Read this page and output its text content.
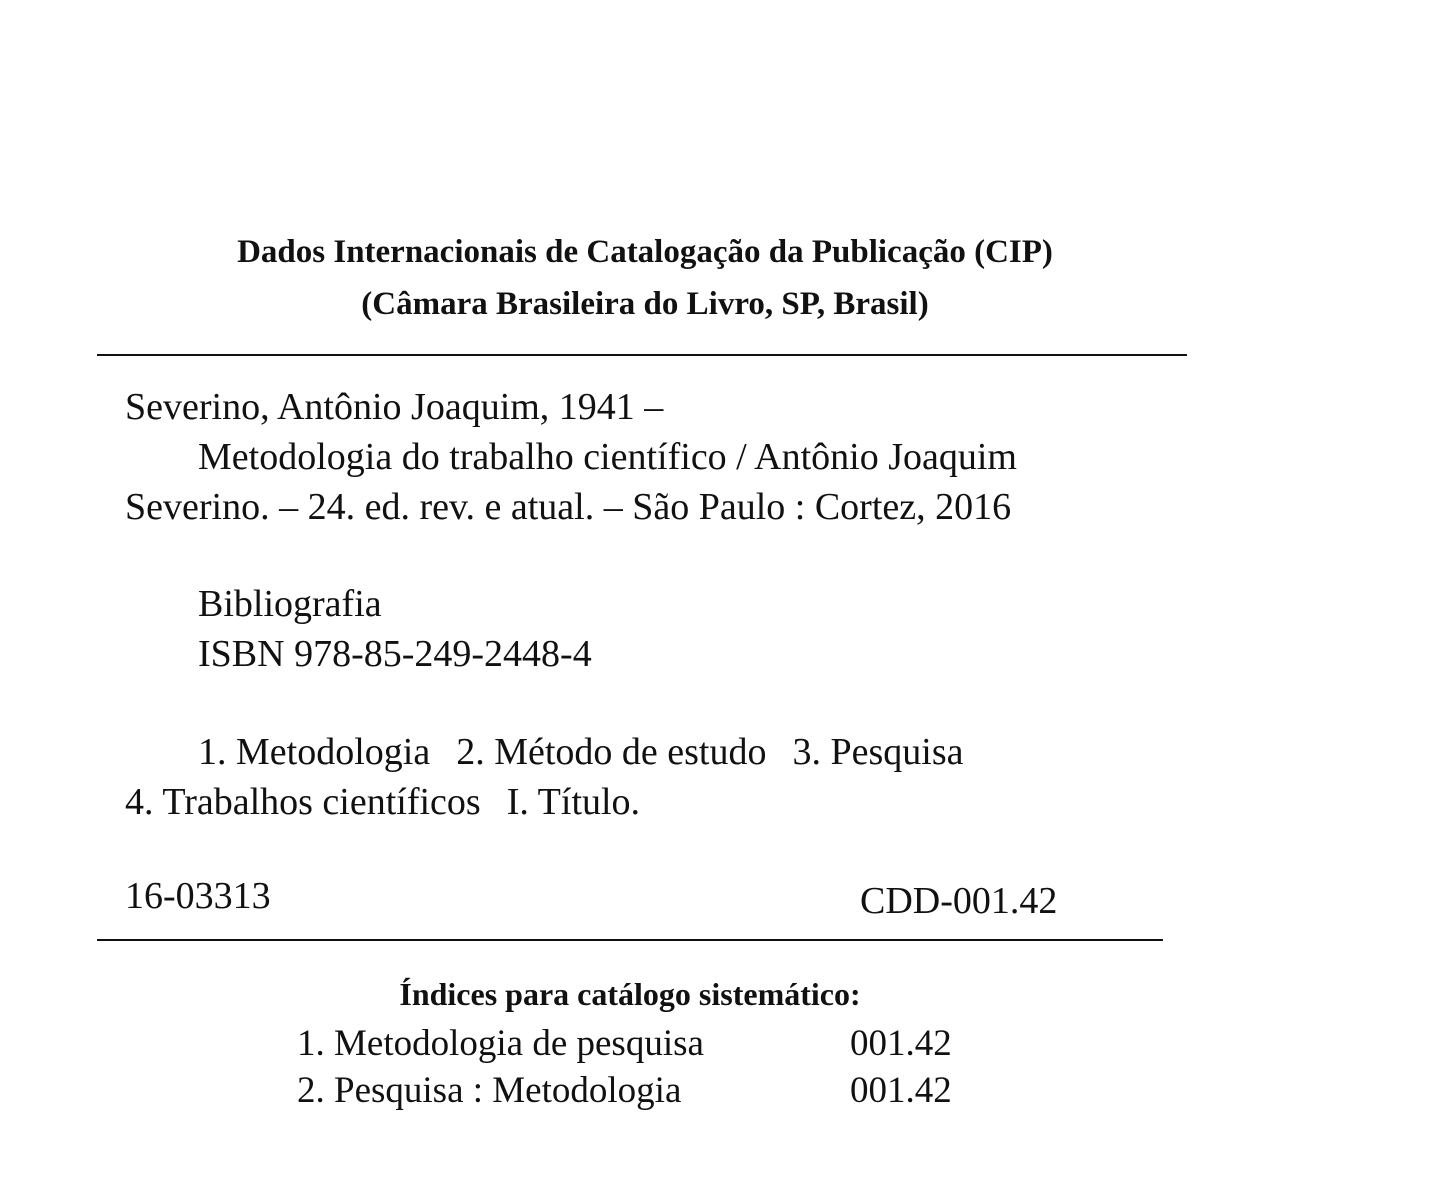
Dados Internacionais de Catalogação da Publicação (CIP)
(Câmara Brasileira do Livro, SP, Brasil)
Severino, Antônio Joaquim, 1941 –
Metodologia do trabalho científico / Antônio Joaquim
Severino. – 24. ed. rev. e atual. – São Paulo : Cortez, 2016
Bibliografia
ISBN 978-85-249-2448-4
1. Metodologia 2. Método de estudo 3. Pesquisa
4. Trabalhos científicos I. Título.
16-03313	CDD-001.42
Índices para catálogo sistemático:
1. Metodologia de pesquisa	001.42
2. Pesquisa : Metodologia	001.42
